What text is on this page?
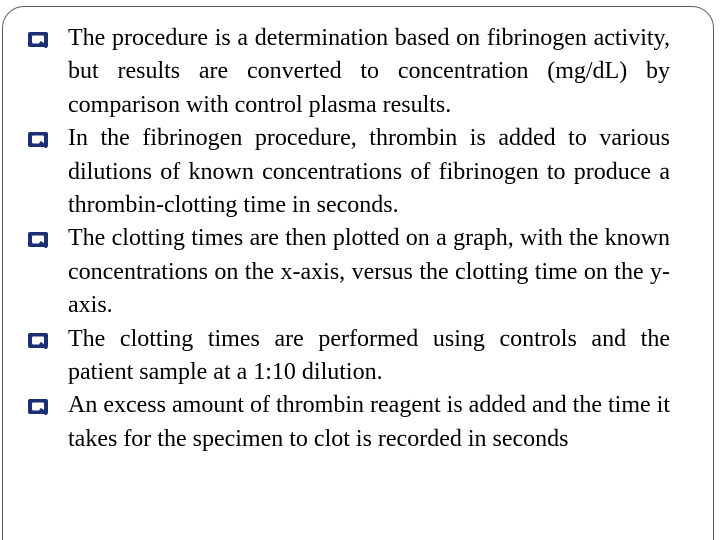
The procedure is a determination based on fibrinogen activity, but results are converted to concentration (mg/dL) by comparison with control plasma results.
In the fibrinogen procedure, thrombin is added to various dilutions of known concentrations of fibrinogen to produce a thrombin-clotting time in seconds.
The clotting times are then plotted on a graph, with the known concentrations on the x-axis, versus the clotting time on the y-axis.
The clotting times are performed using controls and the patient sample at a 1:10 dilution.
An excess amount of thrombin reagent is added and the time it takes for the specimen to clot is recorded in seconds
